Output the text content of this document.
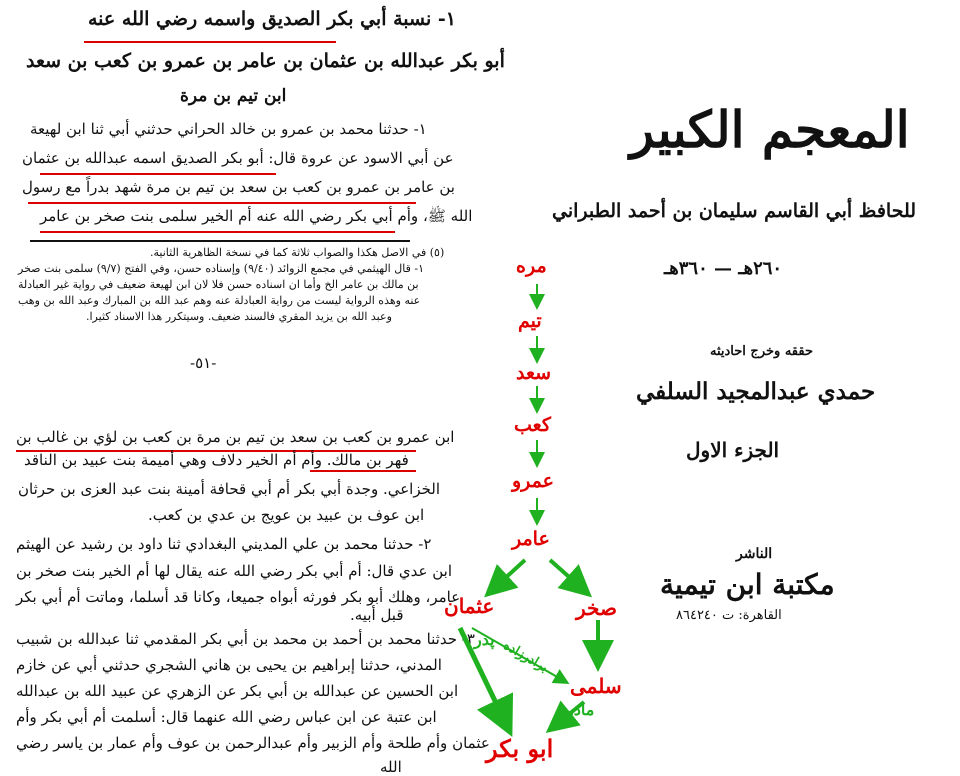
١- نسبة أبي بكر الصديق واسمه رضي الله عنه
أبو بكر عبدالله بن عثمان بن عامر بن عمرو بن كعب بن سعد
ابن تيم بن مرة
١- حدثنا محمد بن عمرو بن خالد الحراني حدثني أبي ثنا ابن لهيعة
عن أبي الاسود عن عروة قال: أبو بكر الصديق اسمه عبدالله بن عثمان
بن عامر بن عمرو بن كعب بن سعد بن تيم بن مرة شهد بدراً مع رسول
الله ﷺ، وأم أبي بكر رضي الله عنه أم الخير سلمى بنت صخر بن عامر
(٥) في الاصل هكذا والصواب ثلاثة كما في نسخة الظاهرية الثانية.
١- قال الهيثمي في مجمع الزوائد (٩/٤٠) وإسناده حسن، وفي الفتح (٩/٧) سلمى بنت صخر
بن مالك بن عامر الخ وأما ان اسناده حسن فلا لان ابن لهيعة ضعيف في رواية غير العبادلة
عنه وهذه الرواية ليست من رواية العبادلة عنه وهم عبد الله بن المبارك وعبد الله بن وهب
وعبد الله بن يزيد المقري فالسند ضعيف. وسيتكرر هذا الاسناد كثيرا.
-٥١-
ابن عمرو بن كعب بن سعد بن تيم بن مرة بن كعب بن لؤي بن غالب بن
فهر بن مالك. وأم أم الخير دلاف وهي أميمة بنت عبيد بن الناقد
الخزاعي. وجدة أبي بكر أم أبي قحافة أمينة بنت عبد العزى بن حرثان
ابن عوف بن عبيد بن عويج بن عدي بن كعب.
٢- حدثنا محمد بن علي المديني البغدادي ثنا داود بن رشيد عن الهيثم
ابن عدي قال: أم أبي بكر رضي الله عنه يقال لها أم الخير بنت صخر بن
عامر، وهلك أبو بكر فورثه أبواه جميعا، وكانا قد أسلما، وماتت أم أبي بكر
قبل أبيه.
٣- حدثنا محمد بن أحمد بن محمد بن أبي بكر المقدمي ثنا عبدالله بن شبيب
المدني، حدثنا إبراهيم بن يحيى بن هاني الشجري حدثني أبي عن خازم
ابن الحسين عن عبدالله بن أبي بكر عن الزهري عن عبيد الله بن عبدالله
ابن عتبة عن ابن عباس رضي الله عنهما قال: أسلمت أم أبي بكر وأم
عثمان وأم طلحة وأم الزبير وأم عبدالرحمن بن عوف وأم عمار بن ياسر رضي
الله
المعجم الكبير
للحافظ أبي القاسم سليمان بن أحمد الطبراني
٢٦٠هـ — ٣٦٠هـ
حققه وخرج احاديثه
حمدي عبدالمجيد السلفي
الجزء الاول
الناشر
مكتبة ابن تيمية
القاهرة: ت ٨٦٤٢٤٠
مره
تيم
سعد
كعب
عمرو
عامر
عثمان	صخر
سلمى
ابو بكر
پدر برادرزاده
مادر
